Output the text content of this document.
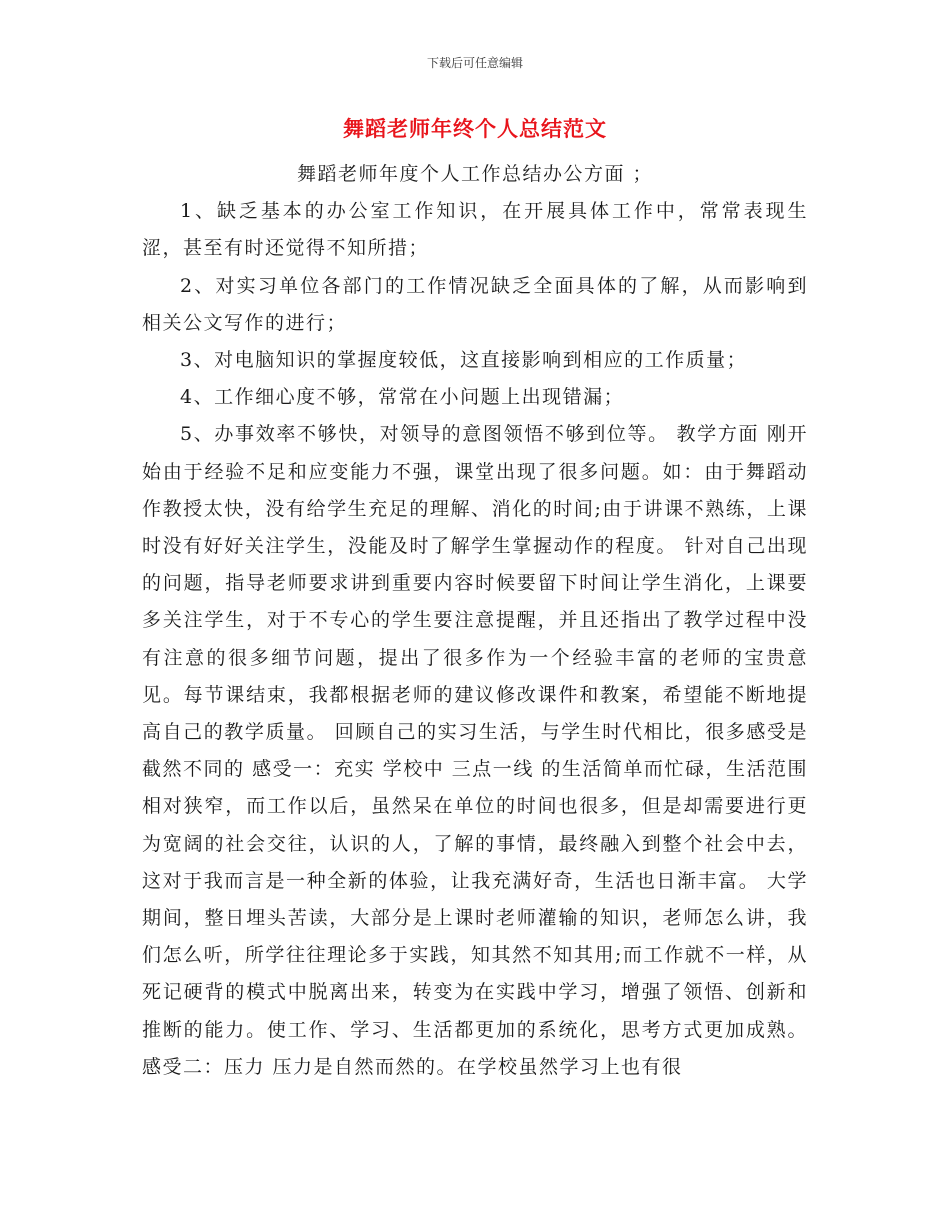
下载后可任意编辑
舞蹈老师年终个人总结范文

舞蹈老师年度个人工作总结办公方面 ；

1、缺乏基本的办公室工作知识，在开展具体工作中，常常表现生涩，甚至有时还觉得不知所措；

2、对实习单位各部门的工作情况缺乏全面具体的了解，从而影响到相关公文写作的进行；

3、对电脑知识的掌握度较低，这直接影响到相应的工作质量；

4、工作细心度不够，常常在小问题上出现错漏；

5、办事效率不够快，对领导的意图领悟不够到位等。 教学方面 刚开始由于经验不足和应变能力不强，课堂出现了很多问题。如：由于舞蹈动作教授太快，没有给学生充足的理解、消化的时间;由于讲课不熟练，上课时没有好好关注学生，没能及时了解学生掌握动作的程度。 针对自己出现的问题，指导老师要求讲到重要内容时候要留下时间让学生消化，上课要多关注学生，对于不专心的学生要注意提醒，并且还指出了教学过程中没有注意的很多细节问题，提出了很多作为一个经验丰富的老师的宝贵意见。每节课结束，我都根据老师的建议修改课件和教案，希望能不断地提高自己的教学质量。 回顾自己的实习生活，与学生时代相比，很多感受是截然不同的 感受一：充实 学校中 三点一线 的生活简单而忙碌，生活范围相对狭窄，而工作以后，虽然呆在单位的时间也很多，但是却需要进行更为宽阔的社会交往，认识的人，了解的事情，最终融入到整个社会中去，这对于我而言是一种全新的体验，让我充满好奇，生活也日渐丰富。 大学期间，整日埋头苦读，大部分是上课时老师灌输的知识，老师怎么讲，我们怎么听，所学往往理论多于实践，知其然不知其用;而工作就不一样，从死记硬背的模式中脱离出来，转变为在实践中学习，增强了领悟、创新和推断的能力。使工作、学习、生活都更加的系统化，思考方式更加成熟。 感受二：压力 压力是自然而然的。在学校虽然学习上也有很
